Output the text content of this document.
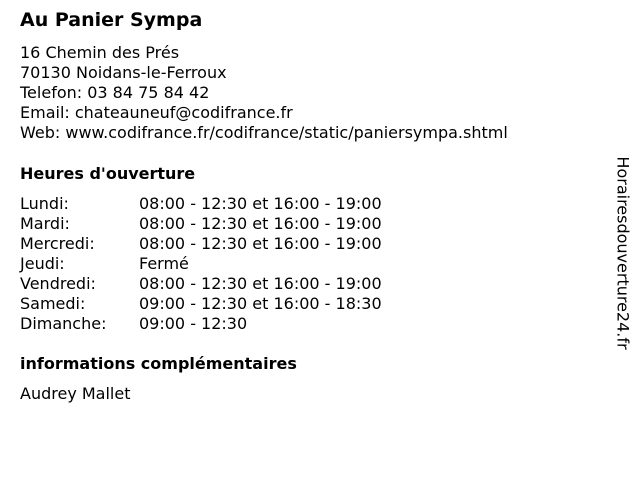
Au Panier Sympa
16 Chemin des Prés
70130 Noidans-le-Ferroux
Telefon: 03 84 75 84 42
Email: chateauneuf@codifrance.fr
Web: www.codifrance.fr/codifrance/static/paniersympa.shtml
Heures d'ouverture
Lundi:	08:00 - 12:30 et 16:00 - 19:00
Mardi:	08:00 - 12:30 et 16:00 - 19:00
Mercredi:	08:00 - 12:30 et 16:00 - 19:00
Jeudi:	Fermé
Vendredi:	08:00 - 12:30 et 16:00 - 19:00
Samedi:	09:00 - 12:30 et 16:00 - 18:30
Dimanche: 09:00 - 12:30
informations complémentaires
Audrey Mallet
Horairesdouverture24.fr
